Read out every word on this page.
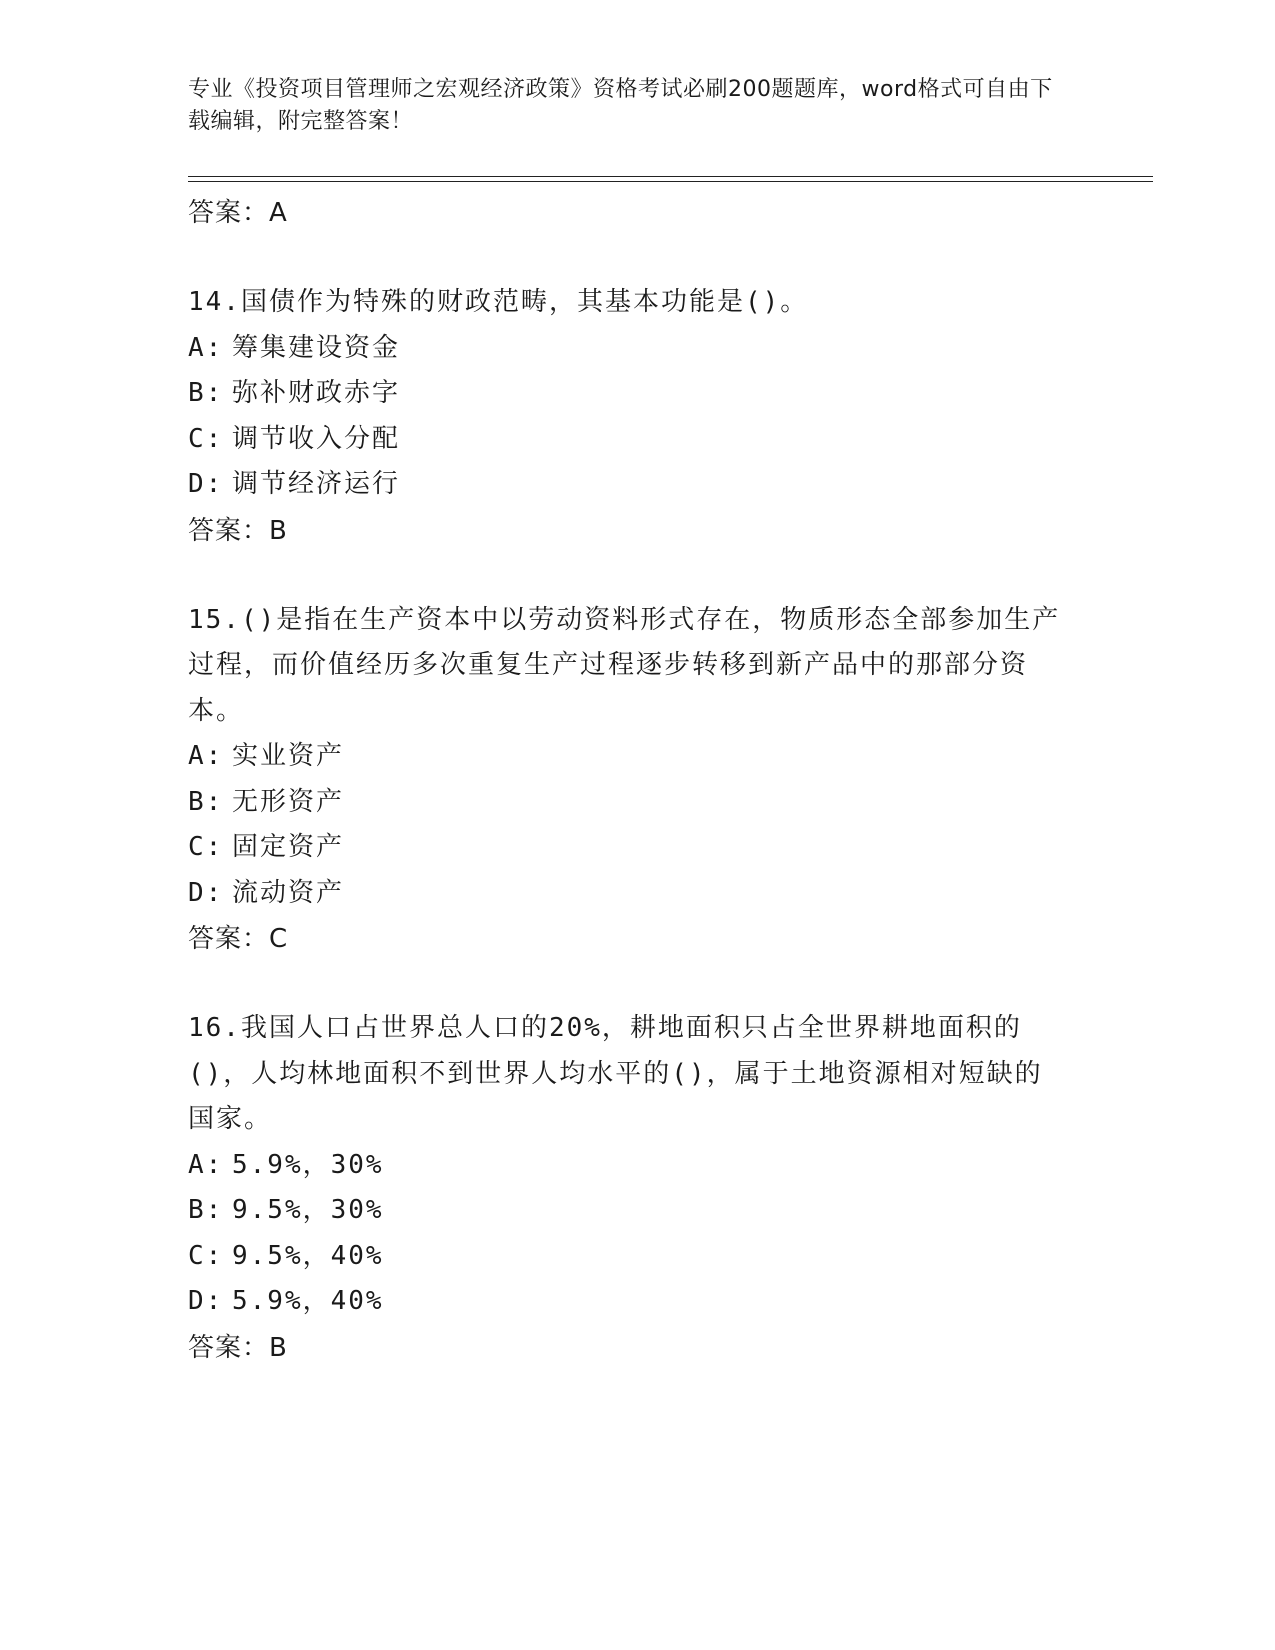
专业《投资项目管理师之宏观经济政策》资格考试必刷200题题库，word格式可自由下载编辑，附完整答案！
答案：A

14.国债作为特殊的财政范畴，其基本功能是()。

A: 筹集建设资金
B: 弥补财政赤字
C: 调节收入分配
D: 调节经济运行
答案：B

15.()是指在生产资本中以劳动资料形式存在，物质形态全部参加生产过程，而价值经历多次重复生产过程逐步转移到新产品中的那部分资本。

A: 实业资产
B: 无形资产
C: 固定资产
D: 流动资产
答案：C

16.我国人口占世界总人口的20%，耕地面积只占全世界耕地面积的()，人均林地面积不到世界人均水平的()，属于土地资源相对短缺的国家。

A: 5.9%，30%
B: 9.5%，30%
C: 9.5%，40%
D: 5.9%，40%
答案：B
